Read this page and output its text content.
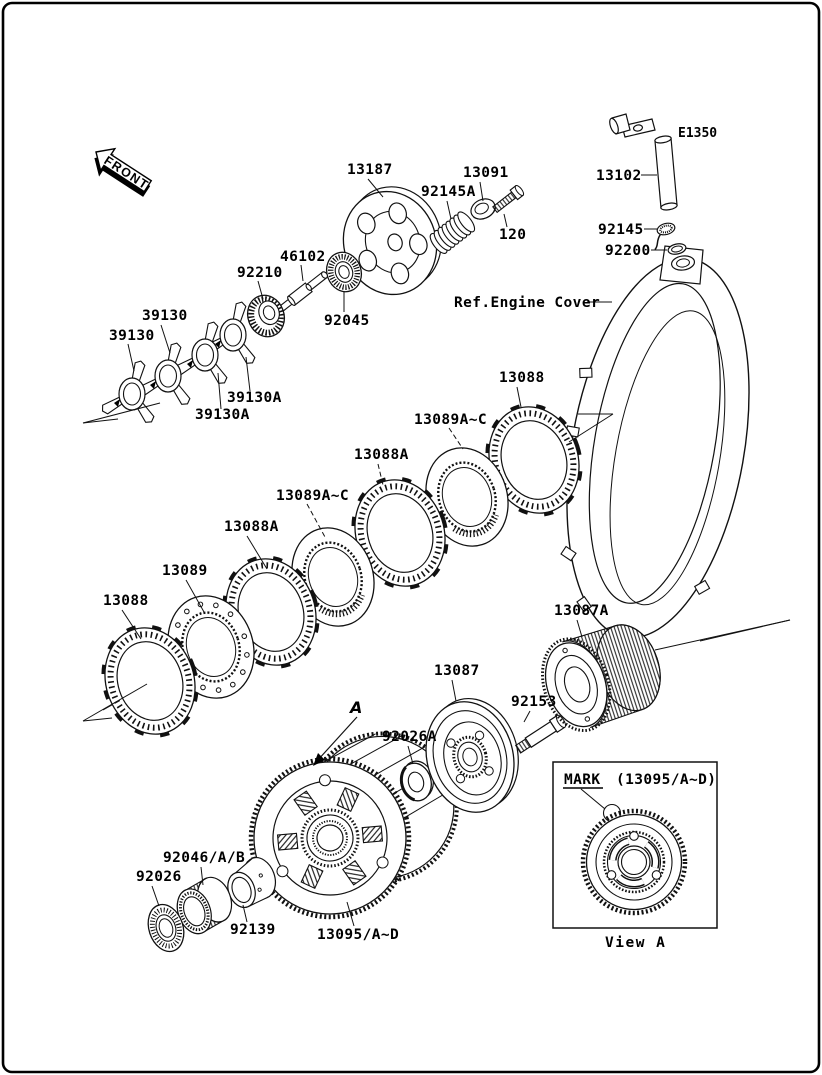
FRONT
MARK (13095/A~D)
View A
E1350
13187	13091
92145A
120
13102
92145
92200
Ref.Engine Cover
92210
46102
92045
39130
39130
39130A
39130A
13088
13089A~C
13088A
13089A~C
13088A
13089
13088
13087A
13087
92153
A
92026A
92026
92046/A/B
92139	13095/A~D
